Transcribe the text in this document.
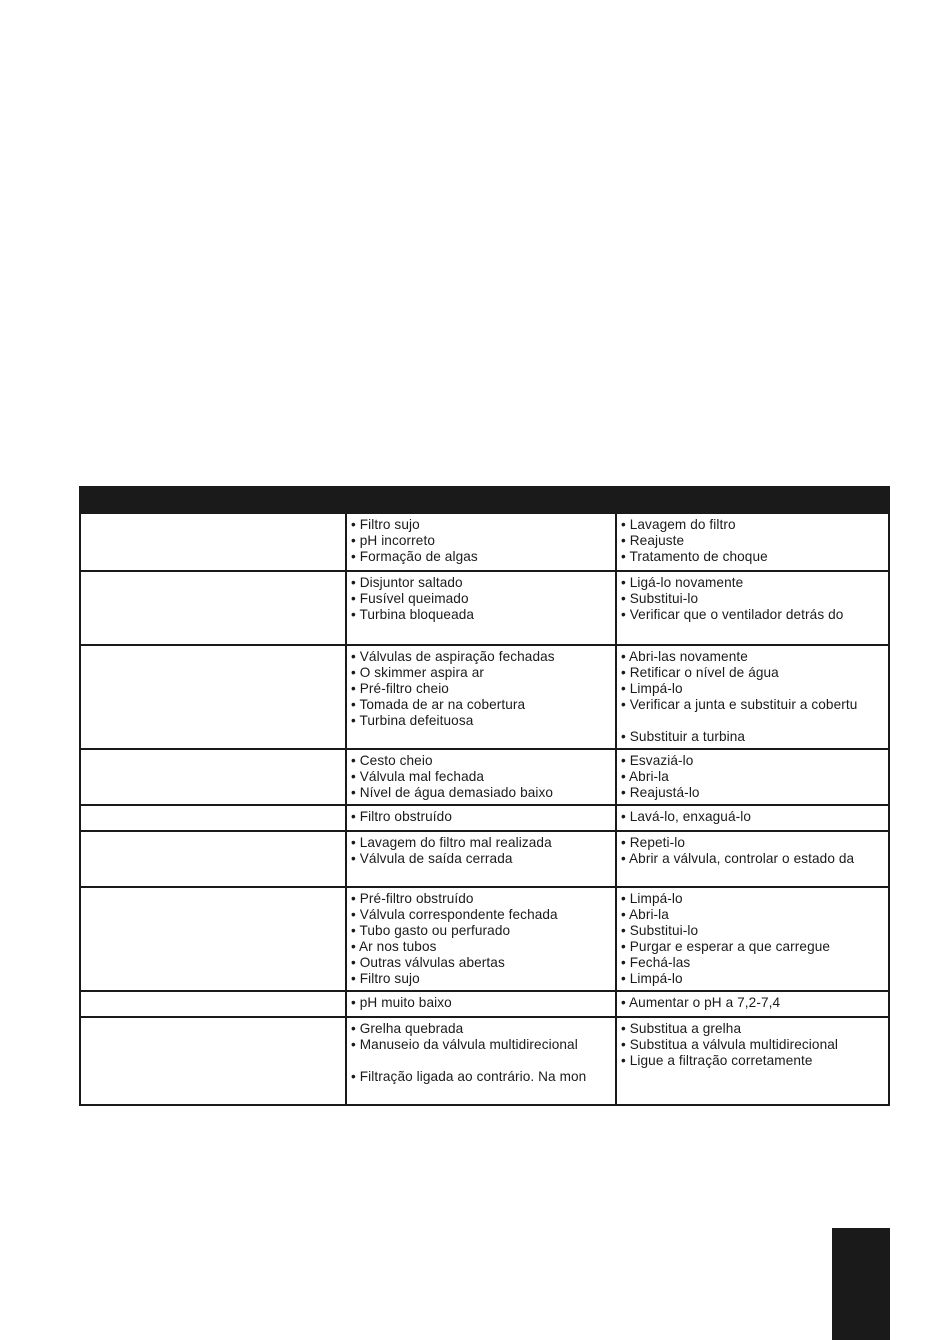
• Filtro sujo
• pH incorreto
• Formação de algas
• Lavagem do filtro
• Reajuste
• Tratamento de choque
• Disjuntor saltado
• Fusível queimado
• Turbina bloqueada
• Ligá-lo novamente
• Substitui-lo
• Verificar que o ventilador detrás do
• Válvulas de aspiração fechadas
• O skimmer aspira ar
• Pré-filtro cheio
• Tomada de ar na cobertura
• Turbina defeituosa
• Abri-las novamente
• Retificar o nível de água
• Limpá-lo
• Verificar a junta e substituir a cobertu
• Substituir a turbina
• Cesto cheio
• Válvula mal fechada
• Nível de água demasiado baixo
• Esvaziá-lo
• Abri-la
• Reajustá-lo
• Filtro obstruído	• Lavá-lo, enxaguá-lo
• Lavagem do filtro mal realizada
• Válvula de saída cerrada
• Repeti-lo
• Abrir a válvula, controlar o estado da
• Pré-filtro obstruído
• Válvula correspondente fechada
• Tubo gasto ou perfurado
• Ar nos tubos
• Outras válvulas abertas
• Filtro sujo
• Limpá-lo
• Abri-la
• Substitui-lo
• Purgar e esperar a que carregue
• Fechá-las
• Limpá-lo
• pH muito baixo	• Aumentar o pH a 7,2-7,4
• Grelha quebrada
• Manuseio da válvula multidirecional
• Filtração ligada ao contrário. Na mon
• Substitua a grelha
• Substitua a válvula multidirecional
• Ligue a filtração corretamente
